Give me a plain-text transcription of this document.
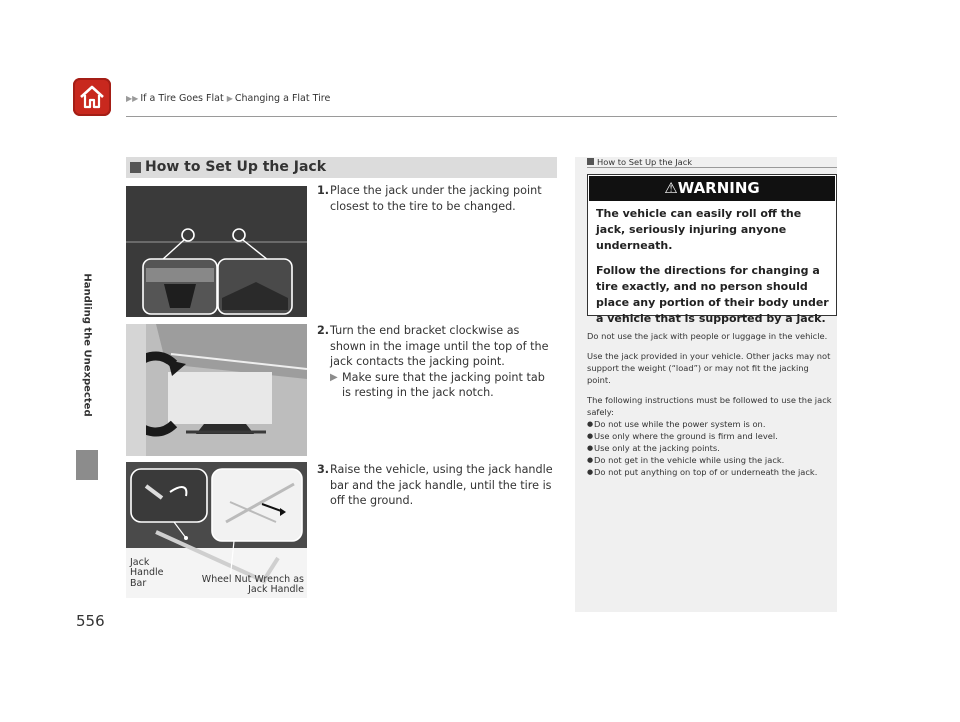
▶▶ If a Tire Goes Flat ▶ Changing a Flat Tire
Handling the Unexpected
556
How to Set Up the Jack
1. Place the jack under the jacking point closest to the tire to be changed.
2. Turn the end bracket clockwise as shown in the image until the top of the jack contacts the jacking point.
▶ Make sure that the jacking point tab is resting in the jack notch.
Jack Handle Bar	Wheel Nut Wrench as Jack Handle
3. Raise the vehicle, using the jack handle bar and the jack handle, until the tire is off the ground.
How to Set Up the Jack
⚠WARNING

The vehicle can easily roll off the jack, seriously injuring anyone underneath.

Follow the directions for changing a tire exactly, and no person should place any portion of their body under a vehicle that is supported by a jack.

Do not use the jack with people or luggage in the vehicle.

Use the jack provided in your vehicle. Other jacks may not support the weight (“load”) or may not fit the jacking point.

The following instructions must be followed to use the jack safely:
● Do not use while the power system is on.
● Use only where the ground is firm and level.
● Use only at the jacking points.
● Do not get in the vehicle while using the jack.
● Do not put anything on top of or underneath the jack.
